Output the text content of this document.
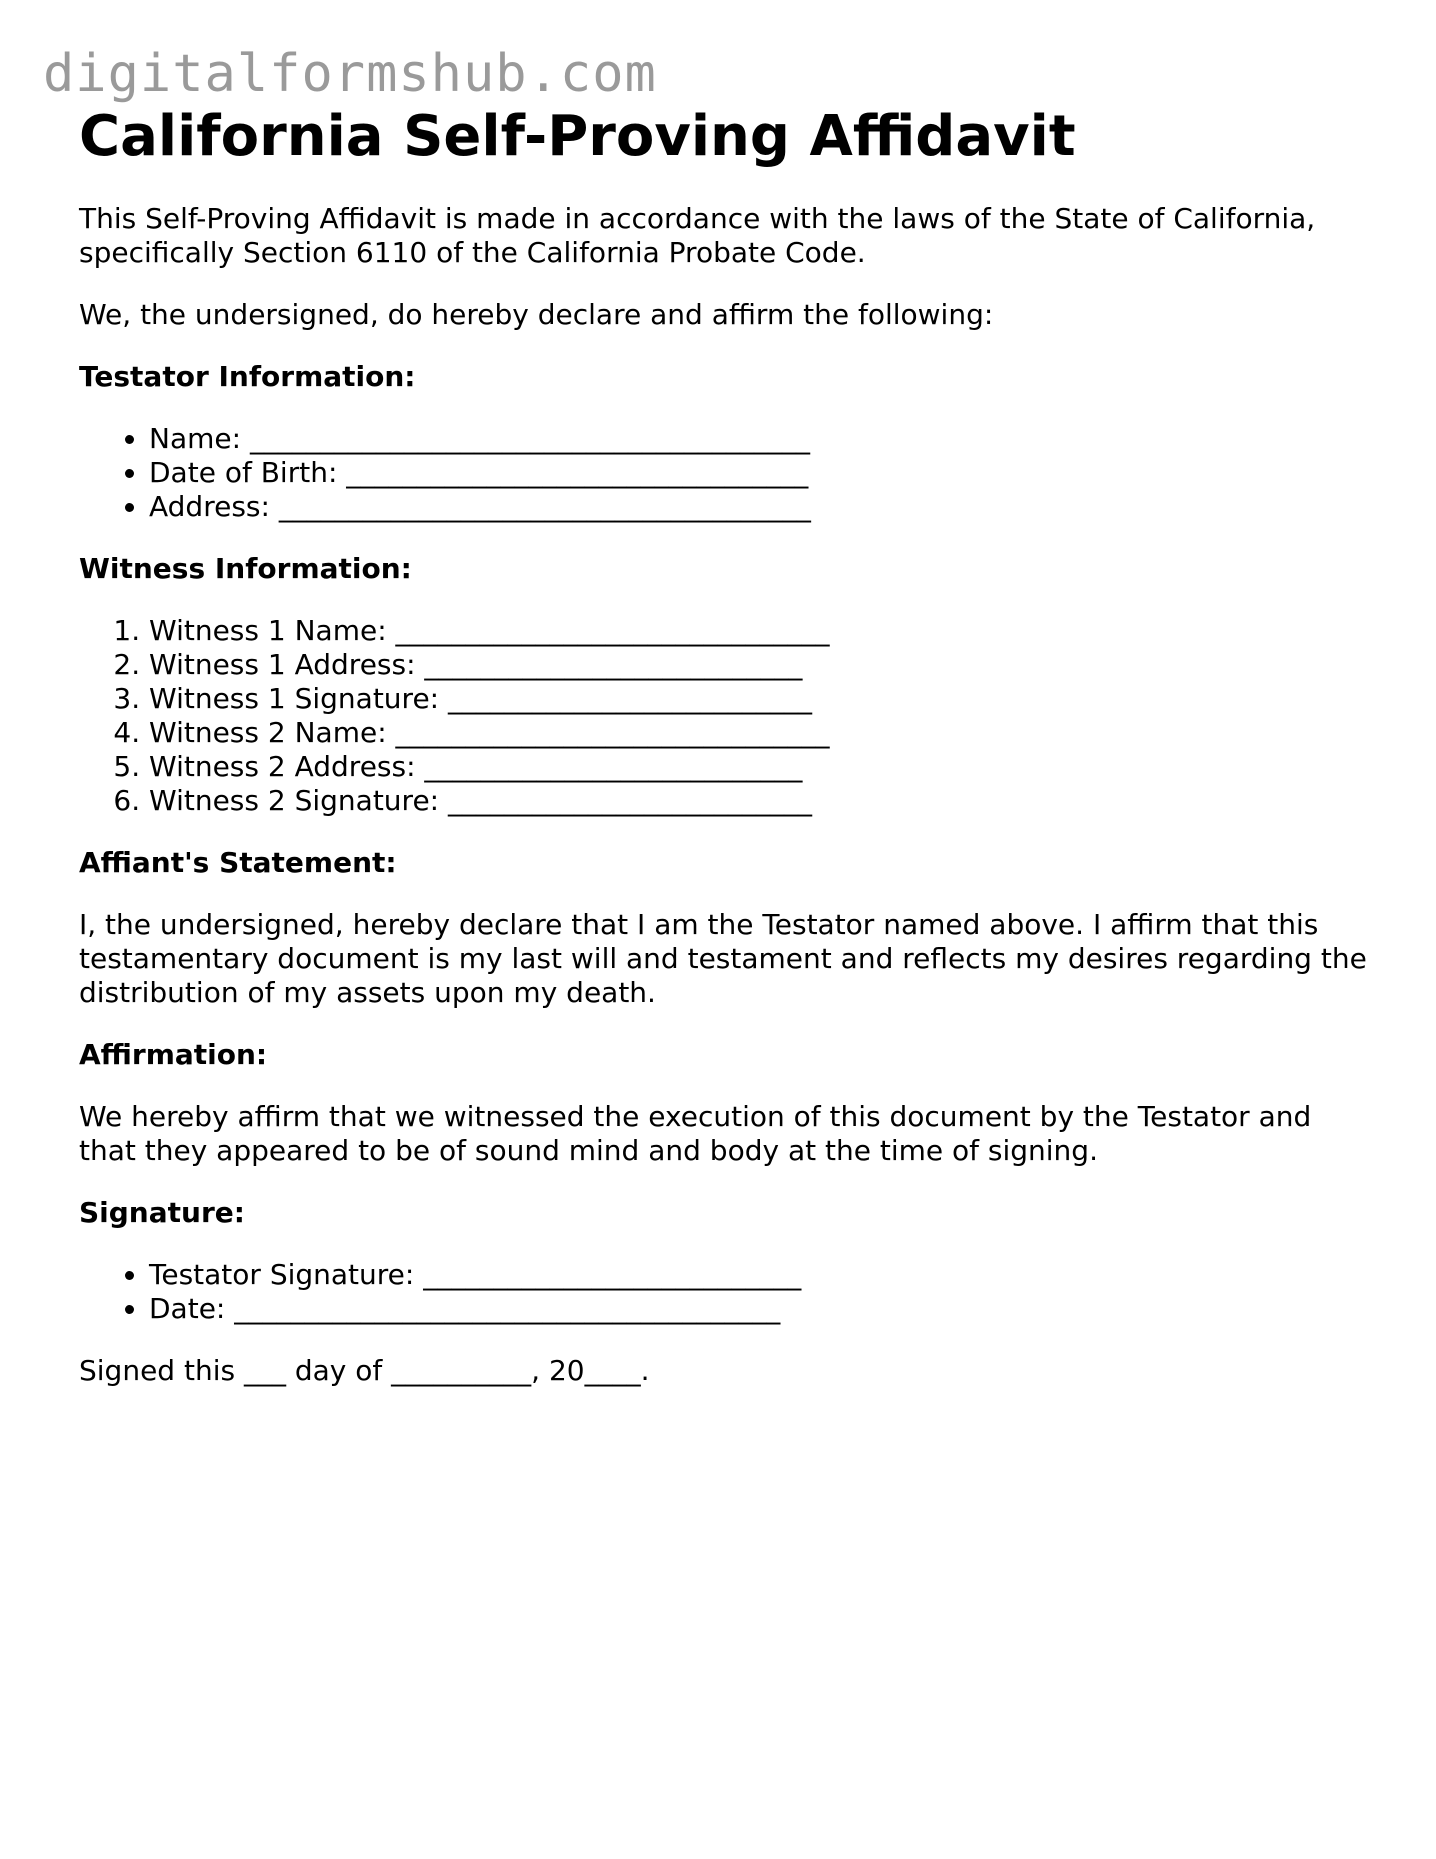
digitalformshub.com
California Self-Proving Affidavit

This Self-Proving Affidavit is made in accordance with the laws of the State of California, specifically Section 6110 of the California Probate Code.

We, the undersigned, do hereby declare and affirm the following:

Testator Information:
• Name: ________________________________________
• Date of Birth: _________________________________
• Address: ______________________________________
Witness Information:
1. Witness 1 Name: _______________________________
2. Witness 1 Address: ___________________________
3. Witness 1 Signature: __________________________
4. Witness 2 Name: _______________________________
5. Witness 2 Address: ___________________________
6. Witness 2 Signature: __________________________
Affiant's Statement:

I, the undersigned, hereby declare that I am the Testator named above. I affirm that this testamentary document is my last will and testament and reflects my desires regarding the distribution of my assets upon my death.

Affirmation:

We hereby affirm that we witnessed the execution of this document by the Testator and that they appeared to be of sound mind and body at the time of signing.

Signature:
• Testator Signature: ___________________________
• Date: _______________________________________

Signed this ___ day of __________, 20____.
